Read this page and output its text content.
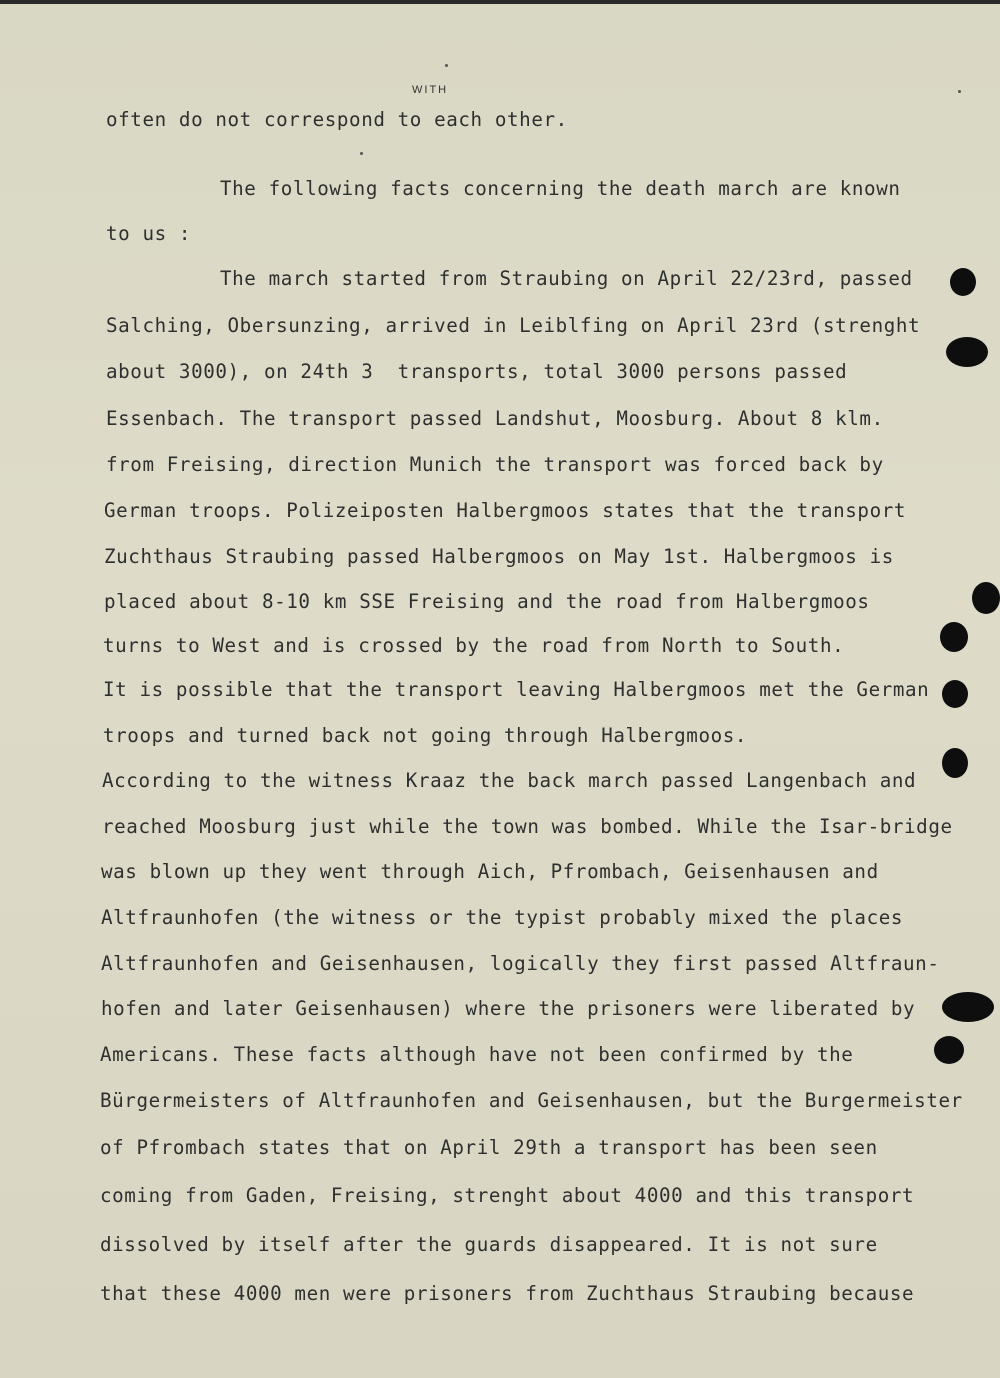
WITH
often do not correspond to each other.
The following facts concerning the death march are known
to us :
The march started from Straubing on April 22/23rd, passed
Salching, Obersunzing, arrived in Leiblfing on April 23rd (strenght
about 3000), on 24th 3  transports, total 3000 persons passed
Essenbach. The transport passed Landshut, Moosburg. About 8 klm.
from Freising, direction Munich the transport was forced back by
German troops. Polizeiposten Halbergmoos states that the transport
Zuchthaus Straubing passed Halbergmoos on May 1st. Halbergmoos is
placed about 8-10 km SSE Freising and the road from Halbergmoos
turns to West and is crossed by the road from North to South.
It is possible that the transport leaving Halbergmoos met the German
troops and turned back not going through Halbergmoos.
According to the witness Kraaz the back march passed Langenbach and
reached Moosburg just while the town was bombed. While the Isar-bridge
was blown up they went through Aich, Pfrombach, Geisenhausen and
Altfraunhofen (the witness or the typist probably mixed the places
Altfraunhofen and Geisenhausen, logically they first passed Altfraun-
hofen and later Geisenhausen) where the prisoners were liberated by
Americans. These facts although have not been confirmed by the
Bürgermeisters of Altfraunhofen and Geisenhausen, but the Burgermeister
of Pfrombach states that on April 29th a transport has been seen
coming from Gaden, Freising, strenght about 4000 and this transport
dissolved by itself after the guards disappeared. It is not sure
that these 4000 men were prisoners from Zuchthaus Straubing because
